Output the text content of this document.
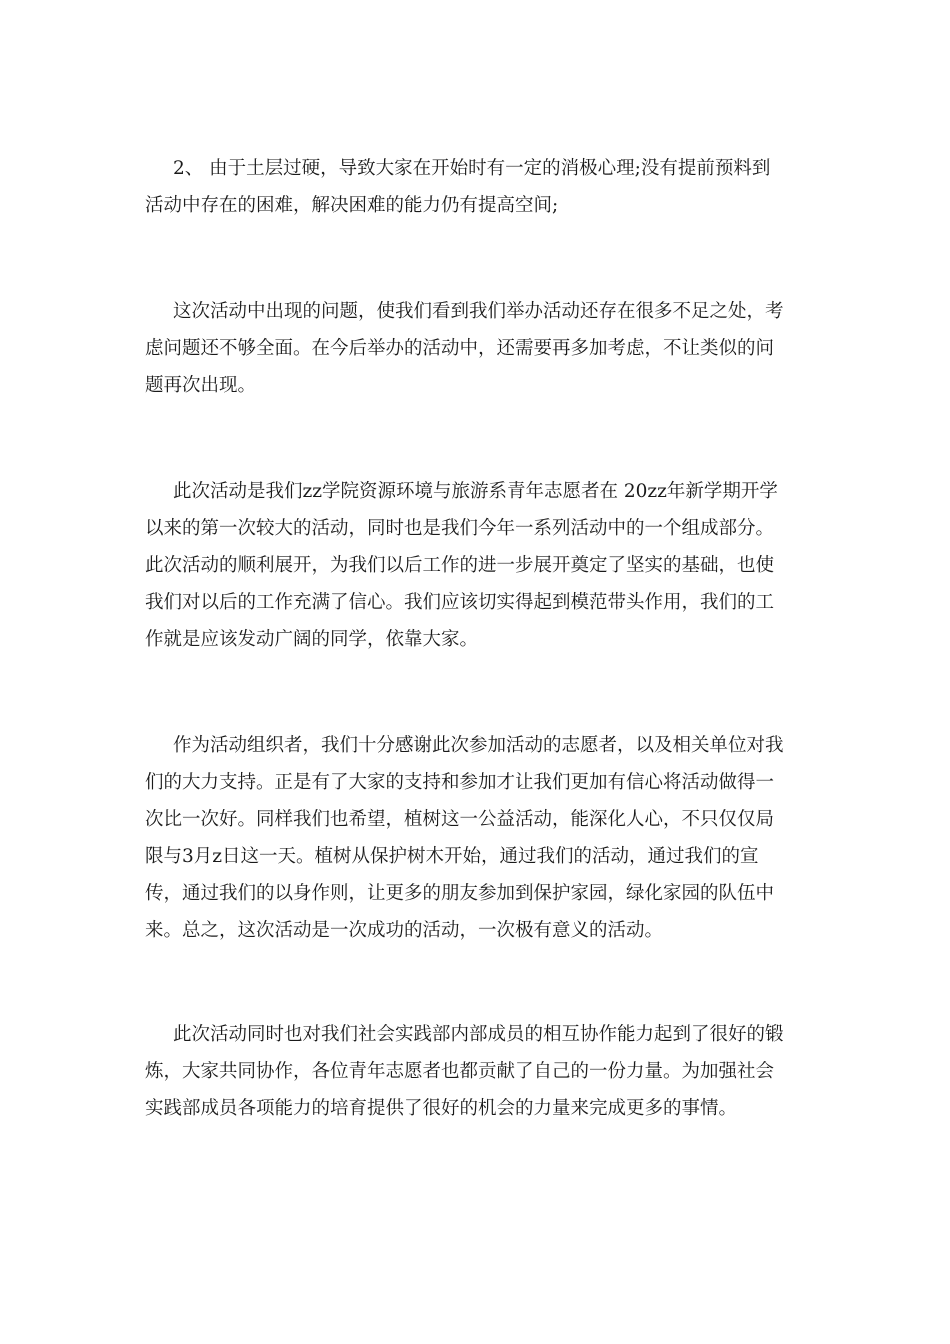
2、 由于土层过硬，导致大家在开始时有一定的消极心理;没有提前预料到
活动中存在的困难，解决困难的能力仍有提高空间;

这次活动中出现的问题，使我们看到我们举办活动还存在很多不足之处，考
虑问题还不够全面。在今后举办的活动中，还需要再多加考虑，不让类似的问
题再次出现。

此次活动是我们zz学院资源环境与旅游系青年志愿者在 20zz年新学期开学
以来的第一次较大的活动，同时也是我们今年一系列活动中的一个组成部分。
此次活动的顺利展开，为我们以后工作的进一步展开奠定了坚实的基础，也使
我们对以后的工作充满了信心。我们应该切实得起到模范带头作用，我们的工
作就是应该发动广阔的同学，依靠大家。

作为活动组织者，我们十分感谢此次参加活动的志愿者，以及相关单位对我
们的大力支持。正是有了大家的支持和参加才让我们更加有信心将活动做得一
次比一次好。同样我们也希望，植树这一公益活动，能深化人心，不只仅仅局
限与3月z日这一天。植树从保护树木开始，通过我们的活动，通过我们的宣
传，通过我们的以身作则，让更多的朋友参加到保护家园，绿化家园的队伍中
来。总之，这次活动是一次成功的活动，一次极有意义的活动。

此次活动同时也对我们社会实践部内部成员的相互协作能力起到了很好的锻
炼，大家共同协作，各位青年志愿者也都贡献了自己的一份力量。为加强社会
实践部成员各项能力的培育提供了很好的机会的力量来完成更多的事情。
